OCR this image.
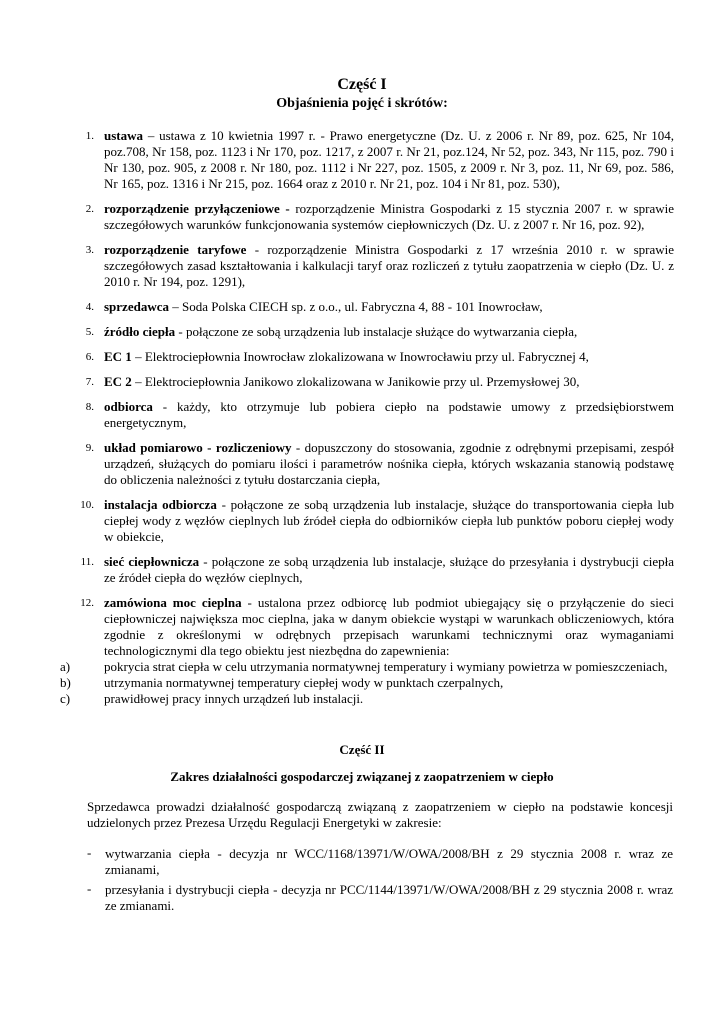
Część I
Objaśnienia pojęć i skrótów:
1. ustawa – ustawa z 10 kwietnia 1997 r. - Prawo energetyczne (Dz. U. z 2006 r. Nr 89, poz. 625, Nr 104, poz.708, Nr 158, poz. 1123 i Nr 170, poz. 1217, z 2007 r. Nr 21, poz.124, Nr 52, poz. 343, Nr 115, poz. 790 i Nr 130, poz. 905, z 2008 r. Nr 180, poz. 1112 i Nr 227, poz. 1505, z 2009 r. Nr 3, poz. 11, Nr 69, poz. 586, Nr 165, poz. 1316 i Nr 215, poz. 1664 oraz z 2010 r. Nr 21, poz. 104 i Nr 81, poz. 530),
2. rozporządzenie przyłączeniowe - rozporządzenie Ministra Gospodarki z 15 stycznia 2007 r. w sprawie szczegółowych warunków funkcjonowania systemów ciepłowniczych (Dz. U. z 2007 r. Nr 16, poz. 92),
3. rozporządzenie taryfowe - rozporządzenie Ministra Gospodarki z 17 września 2010 r. w sprawie szczegółowych zasad kształtowania i kalkulacji taryf oraz rozliczeń z tytułu zaopatrzenia w ciepło (Dz. U. z 2010 r. Nr 194, poz. 1291),
4. sprzedawca – Soda Polska CIECH sp. z o.o., ul. Fabryczna 4, 88 - 101 Inowrocław,
5. źródło ciepła - połączone ze sobą urządzenia lub instalacje służące do wytwarzania ciepła,
6. EC 1 – Elektrociepłownia Inowrocław zlokalizowana w Inowrocławiu przy ul. Fabrycznej 4,
7. EC 2 – Elektrociepłownia Janikowo zlokalizowana w Janikowie przy ul. Przemysłowej 30,
8. odbiorca - każdy, kto otrzymuje lub pobiera ciepło na podstawie umowy z przedsiębiorstwem energetycznym,
9. układ pomiarowo - rozliczeniowy - dopuszczony do stosowania, zgodnie z odrębnymi przepisami, zespół urządzeń, służących do pomiaru ilości i parametrów nośnika ciepła, których wskazania stanowią podstawę do obliczenia należności z tytułu dostarczania ciepła,
10. instalacja odbiorcza - połączone ze sobą urządzenia lub instalacje, służące do transportowania ciepła lub ciepłej wody z węzłów cieplnych lub źródeł ciepła do odbiorników ciepła lub punktów poboru ciepłej wody w obiekcie,
11. sieć ciepłownicza - połączone ze sobą urządzenia lub instalacje, służące do przesyłania i dystrybucji ciepła ze źródeł ciepła do węzłów cieplnych,
12. zamówiona moc cieplna - ustalona przez odbiorcę lub podmiot ubiegający się o przyłączenie do sieci ciepłowniczej największa moc cieplna, jaka w danym obiekcie wystąpi w warunkach obliczeniowych, która zgodnie z określonymi w odrębnych przepisach warunkami technicznymi oraz wymaganiami technologicznymi dla tego obiektu jest niezbędna do zapewnienia:
a)	pokrycia strat ciepła w celu utrzymania normatywnej temperatury i wymiany powietrza w pomieszczeniach,
b)	utrzymania normatywnej temperatury ciepłej wody w punktach czerpalnych,
c)	prawidłowej pracy innych urządzeń lub instalacji.
Część II
Zakres działalności gospodarczej związanej z zaopatrzeniem w ciepło
Sprzedawca prowadzi działalność gospodarczą związaną z zaopatrzeniem w ciepło na podstawie koncesji udzielonych przez Prezesa Urzędu Regulacji Energetyki w zakresie:
- wytwarzania ciepła - decyzja nr WCC/1168/13971/W/OWA/2008/BH z 29 stycznia 2008 r. wraz ze zmianami,
- przesyłania i dystrybucji ciepła - decyzja nr PCC/1144/13971/W/OWA/2008/BH z 29 stycznia 2008 r. wraz ze zmianami.
